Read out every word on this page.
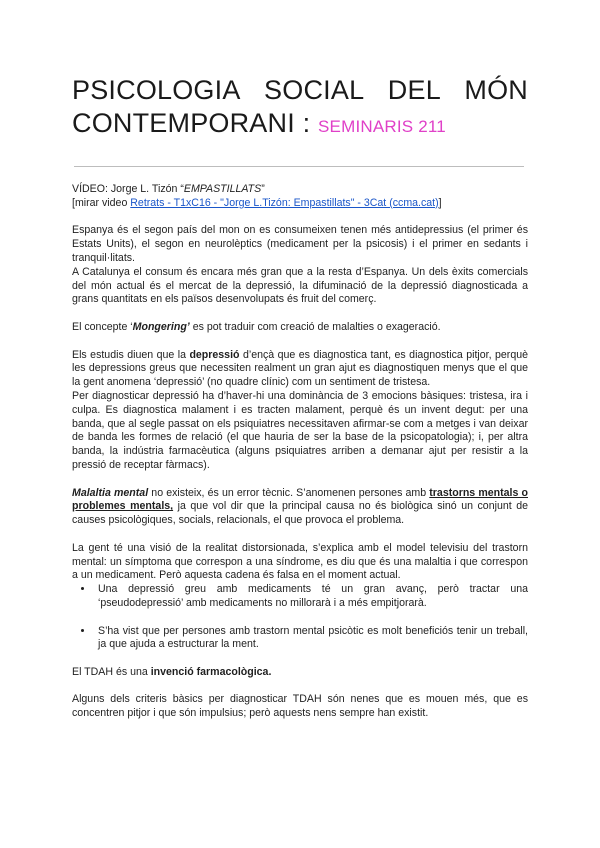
PSICOLOGIA SOCIAL DEL MÓN
CONTEMPORANI : SEMINARIS 211

VÍDEO: Jorge L. Tizón “EMPASTILLATS”

[mirar video Retrats - T1xC16 - "Jorge L.Tizón: Empastillats" - 3Cat (ccma.cat)]

Espanya és el segon país del mon on es consumeixen tenen més antidepressius (el primer és Estats Units), el segon en neurolèptics (medicament per la psicosis) i el primer en sedants i tranquil·litats.

A Catalunya el consum és encara més gran que a la resta d’Espanya. Un dels èxits comercials del món actual és el mercat de la depressió, la difuminació de la depressió diagnosticada a grans quantitats en els països desenvolupats és fruit del comerç.

El concepte ‘Mongering’ es pot traduir com creació de malalties o exageració.

Els estudis diuen que la depressió d’ençà que es diagnostica tant, es diagnostica pitjor, perquè les depressions greus que necessiten realment un gran ajut es diagnostiquen menys que el que la gent anomena ‘depressió’ (no quadre clínic) com un sentiment de tristesa.

Per diagnosticar depressió ha d’haver-hi una dominància de 3 emocions bàsiques: tristesa, ira i culpa. Es diagnostica malament i es tracten malament, perquè és un invent degut: per una banda, que al segle passat on els psiquiatres necessitaven afirmar-se com a metges i van deixar de banda les formes de relació (el que hauria de ser la base de la psicopatologia); i, per altra banda, la indústria farmacèutica (alguns psiquiatres arriben a demanar ajut per resistir a la pressió de receptar fàrmacs).

Malaltia mental no existeix, és un error tècnic. S’anomenen persones amb trastorns mentals o problemes mentals, ja que vol dir que la principal causa no és biològica sinó un conjunt de causes psicològiques, socials, relacionals, el que provoca el problema.

La gent té una visió de la realitat distorsionada, s’explica amb el model televisiu del trastorn mental: un símptoma que correspon a una síndrome, es diu que és una malaltia i que correspon a un medicament. Però aquesta cadena és falsa en el moment actual.

• Una depressió greu amb medicaments té un gran avanç, però tractar una ‘pseudodepressió’ amb medicaments no millorarà i a més empitjorarà.
• S’ha vist que per persones amb trastorn mental psicòtic es molt beneficiós tenir un treball, ja que ajuda a estructurar la ment.

El TDAH és una invenció farmacològica.

Alguns dels criteris bàsics per diagnosticar TDAH són nenes que es mouen més, que es concentren pitjor i que són impulsius; però aquests nens sempre han existit.
